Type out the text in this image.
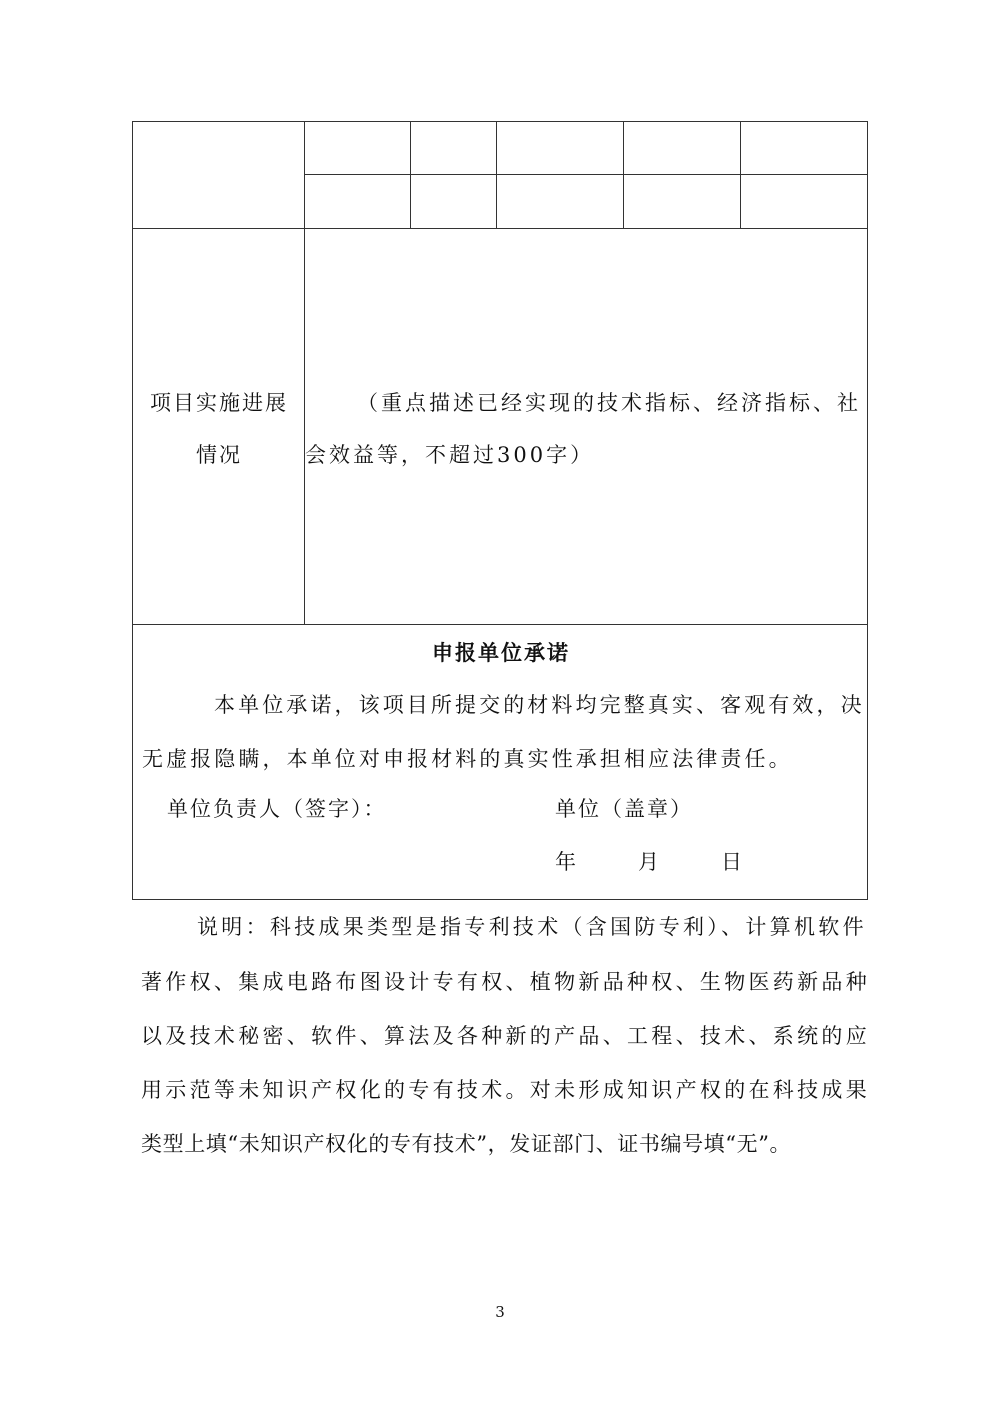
项目实施进展
情况
（重点描述已经实现的技术指标、经济指标、社
会效益等，不超过300字）
申报单位承诺
本单位承诺，该项目所提交的材料均完整真实、客观有效，决
无虚报隐瞒，本单位对申报材料的真实性承担相应法律责任。
单位负责人（签字）：	单位（盖章）
年	月	日
说明：科技成果类型是指专利技术（含国防专利）、计算机软件
著作权、集成电路布图设计专有权、植物新品种权、生物医药新品种
以及技术秘密、软件、算法及各种新的产品、工程、技术、系统的应
用示范等未知识产权化的专有技术。对未形成知识产权的在科技成果
类型上填“未知识产权化的专有技术”，发证部门、证书编号填“无”。
3
